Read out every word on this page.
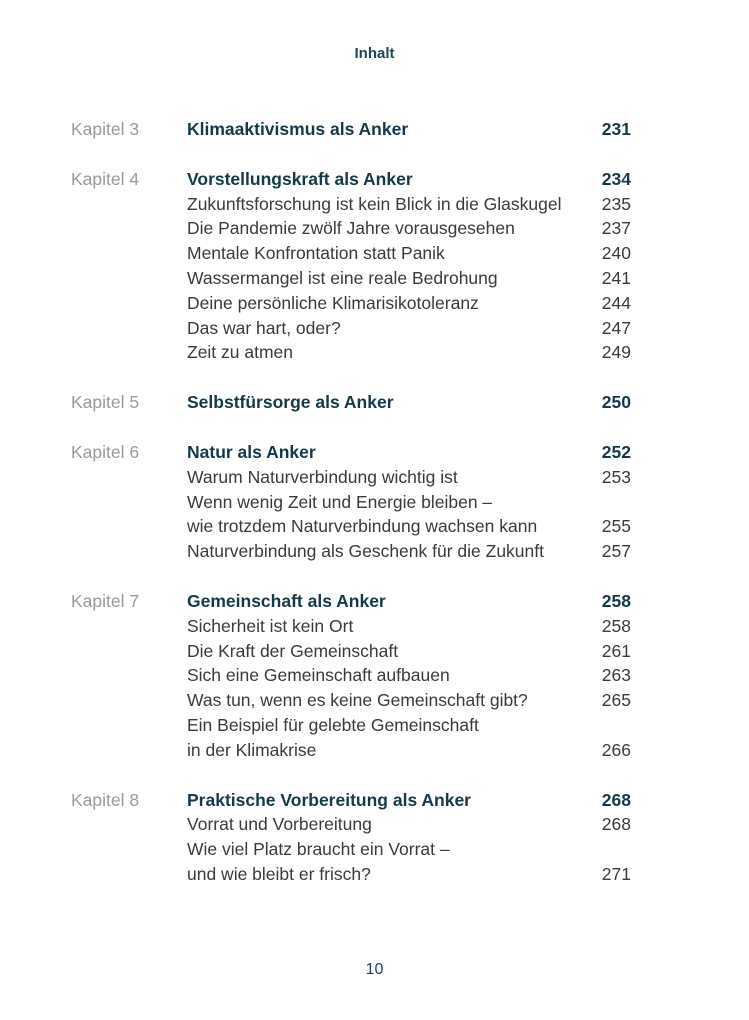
Inhalt
Kapitel 3	Klimaaktivismus als Anker	231
Kapitel 4	Vorstellungskraft als Anker	234
Zukunftsforschung ist kein Blick in die Glaskugel 235
Die Pandemie zwölf Jahre vorausgesehen	237
Mentale Konfrontation statt Panik	240
Wassermangel ist eine reale Bedrohung	241
Deine persönliche Klimarisikotoleranz	244
Das war hart, oder?	247
Zeit zu atmen	249
Kapitel 5	Selbstfürsorge als Anker	250
Kapitel 6	Natur als Anker	252
Warum Naturverbindung wichtig ist	253
Wenn wenig Zeit und Energie bleiben –
wie trotzdem Naturverbindung wachsen kann	255
Naturverbindung als Geschenk für die Zukunft	257
Kapitel 7	Gemeinschaft als Anker	258
Sicherheit ist kein Ort	258
Die Kraft der Gemeinschaft	261
Sich eine Gemeinschaft aufbauen	263
Was tun, wenn es keine Gemeinschaft gibt?	265
Ein Beispiel für gelebte Gemeinschaft
in der Klimakrise	266
Kapitel 8	Praktische Vorbereitung als Anker	268
Vorrat und Vorbereitung	268
Wie viel Platz braucht ein Vorrat –
und wie bleibt er frisch?	271
10
